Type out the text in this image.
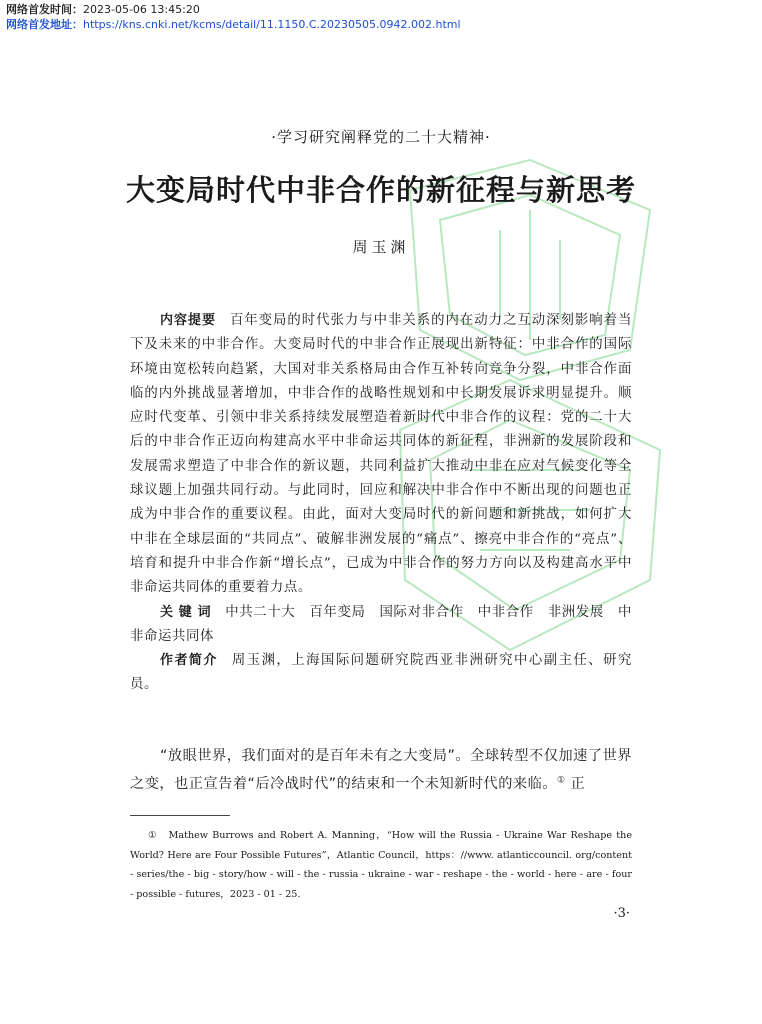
网络首发时间：2023-05-06 13:45:20
网络首发地址：https://kns.cnki.net/kcms/detail/11.1150.C.20230505.0942.002.html
·学习研究阐释党的二十大精神·
大变局时代中非合作的新征程与新思考
周玉渊

内容提要 百年变局的时代张力与中非关系的内在动力之互动深刻影响着当下及未来的中非合作。大变局时代的中非合作正展现出新特征：中非合作的国际环境由宽松转向趋紧，大国对非关系格局由合作互补转向竞争分裂，中非合作面临的内外挑战显著增加，中非合作的战略性规划和中长期发展诉求明显提升。顺应时代变革、引领中非关系持续发展塑造着新时代中非合作的议程：党的二十大后的中非合作正迈向构建高水平中非命运共同体的新征程，非洲新的发展阶段和发展需求塑造了中非合作的新议题，共同利益扩大推动中非在应对气候变化等全球议题上加强共同行动。与此同时，回应和解决中非合作中不断出现的问题也正成为中非合作的重要议程。由此，面对大变局时代的新问题和新挑战，如何扩大中非在全球层面的“共同点”、破解非洲发展的“痛点”、擦亮中非合作的“亮点”、培育和提升中非合作新“增长点”，已成为中非合作的努力方向以及构建高水平中非命运共同体的重要着力点。

关 键 词 中共二十大　 百年变局　 国际对非合作　 中非合作　 非洲发展　 中非命运共同体

作者简介 周玉渊，上海国际问题研究院西亚非洲研究中心副主任、研究员。

“放眼世界，我们面对的是百年未有之大变局”。全球转型不仅加速了世界之变，也正宣告着“后冷战时代”的结束和一个未知新时代的来临。① 正

①　 Mathew Burrows and Robert A. Manning，“How will the Russia - Ukraine War Reshape the World? Here are Four Possible Futures”，Atlantic Council，https：//www. atlanticcouncil. org/content - series/the - big - story/how - will - the - russia - ukraine - war - reshape - the - world - here - are - four - possible - futures，2023 - 01 - 25.

·3·
